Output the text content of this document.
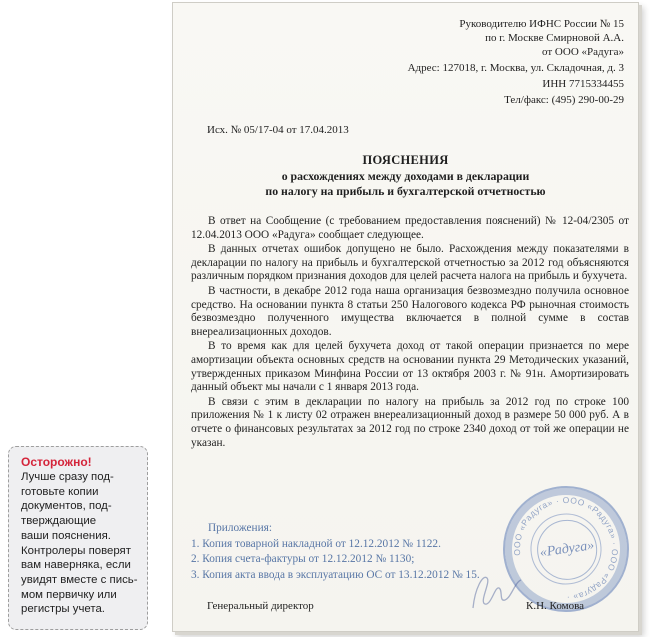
Руководителю ИФНС России № 15
по г. Москве Смирновой А.А.
от ООО «Радуга»
Адрес: 127018, г. Москва, ул. Складочная, д. 3
ИНН 7715334455
Тел/факс: (495) 290-00-29
Исх. № 05/17-04 от 17.04.2013
ПОЯСНЕНИЯ
о расхождениях между доходами в декларации
по налогу на прибыль и бухгалтерской отчетностью

В ответ на Сообщение (с требованием предоставления пояснений) № 12-04/2305 от 12.04.2013 ООО «Радуга» сообщает следующее.

В данных отчетах ошибок допущено не было. Расхождения между показателями в декларации по налогу на прибыль и бухгалтерской отчетностью за 2012 год объясняются различным порядком признания доходов для целей расчета налога на прибыль и бухучета.

В частности, в декабре 2012 года наша организация безвозмездно получила основное средство. На основании пункта 8 статьи 250 Налогового кодекса РФ рыночная стоимость безвозмездно полученного имущества включается в полной сумме в состав внереализационных доходов.

В то время как для целей бухучета доход от такой операции признается по мере амортизации объекта основных средств на основании пункта 29 Методических указаний, утвержденных приказом Минфина России от 13 октября 2003 г. № 91н. Амортизировать данный объект мы начали с 1 января 2013 года.

В связи с этим в декларации по налогу на прибыль за 2012 год по строке 100 приложения № 1 к листу 02 отражен внереализационный доход в размере 50 000 руб. А в отчете о финансовых результатах за 2012 год по строке 2340 доход от той же операции не указан.

Приложения:
1. Копия товарной накладной от 12.12.2012 № 1122.
2. Копия счета-фактуры от 12.12.2012 № 1130;
3. Копия акта ввода в эксплуатацию ОС от 13.12.2012 № 15.
ООО «Радуга» · ООО «Радуга» · ООО «Радуга» ·
«Радуга»
Генеральный директор	К.Н. Комова
Осторожно!
Лучше сразу под-
готовьте копии
документов, под-
тверждающие
ваши пояснения.
Контролеры поверят
вам наверняка, если
увидят вместе с пись-
мом первичку или
регистры учета.
